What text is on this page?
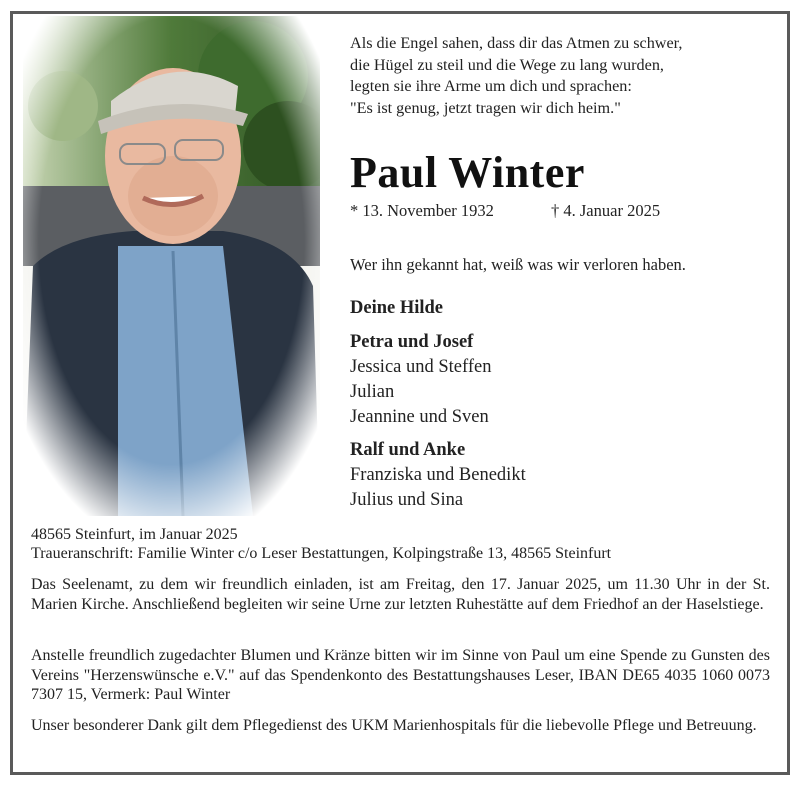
Als die Engel sahen, dass dir das Atmen zu schwer,
die Hügel zu steil und die Wege zu lang wurden,
legten sie ihre Arme um dich und sprachen:
"Es ist genug, jetzt tragen wir dich heim."
Paul Winter
* 13. November 1932	† 4. Januar 2025
Wer ihn gekannt hat, weiß was wir verloren haben.
Deine Hilde
Petra und Josef
Jessica und Steffen
Julian
Jeannine und Sven
Ralf und Anke
Franziska und Benedikt
Julius und Sina
48565 Steinfurt, im Januar 2025
Traueranschrift: Familie Winter c/o Leser Bestattungen, Kolpingstraße 13, 48565 Steinfurt
Das Seelenamt, zu dem wir freundlich einladen, ist am Freitag, den 17. Januar 2025, um 11.30 Uhr in der St. Marien Kirche. Anschließend begleiten wir seine Urne zur letzten Ruhestätte auf dem Friedhof an der Haselstiege.
Anstelle freundlich zugedachter Blumen und Kränze bitten wir im Sinne von Paul um eine Spende zu Gunsten des Vereins "Herzenswünsche e.V." auf das Spendenkonto des Bestattungshauses Leser, IBAN DE65 4035 1060 0073 7307 15, Vermerk: Paul Winter
Unser besonderer Dank gilt dem Pflegedienst des UKM Marienhospitals für die liebevolle Pflege und Betreuung.
